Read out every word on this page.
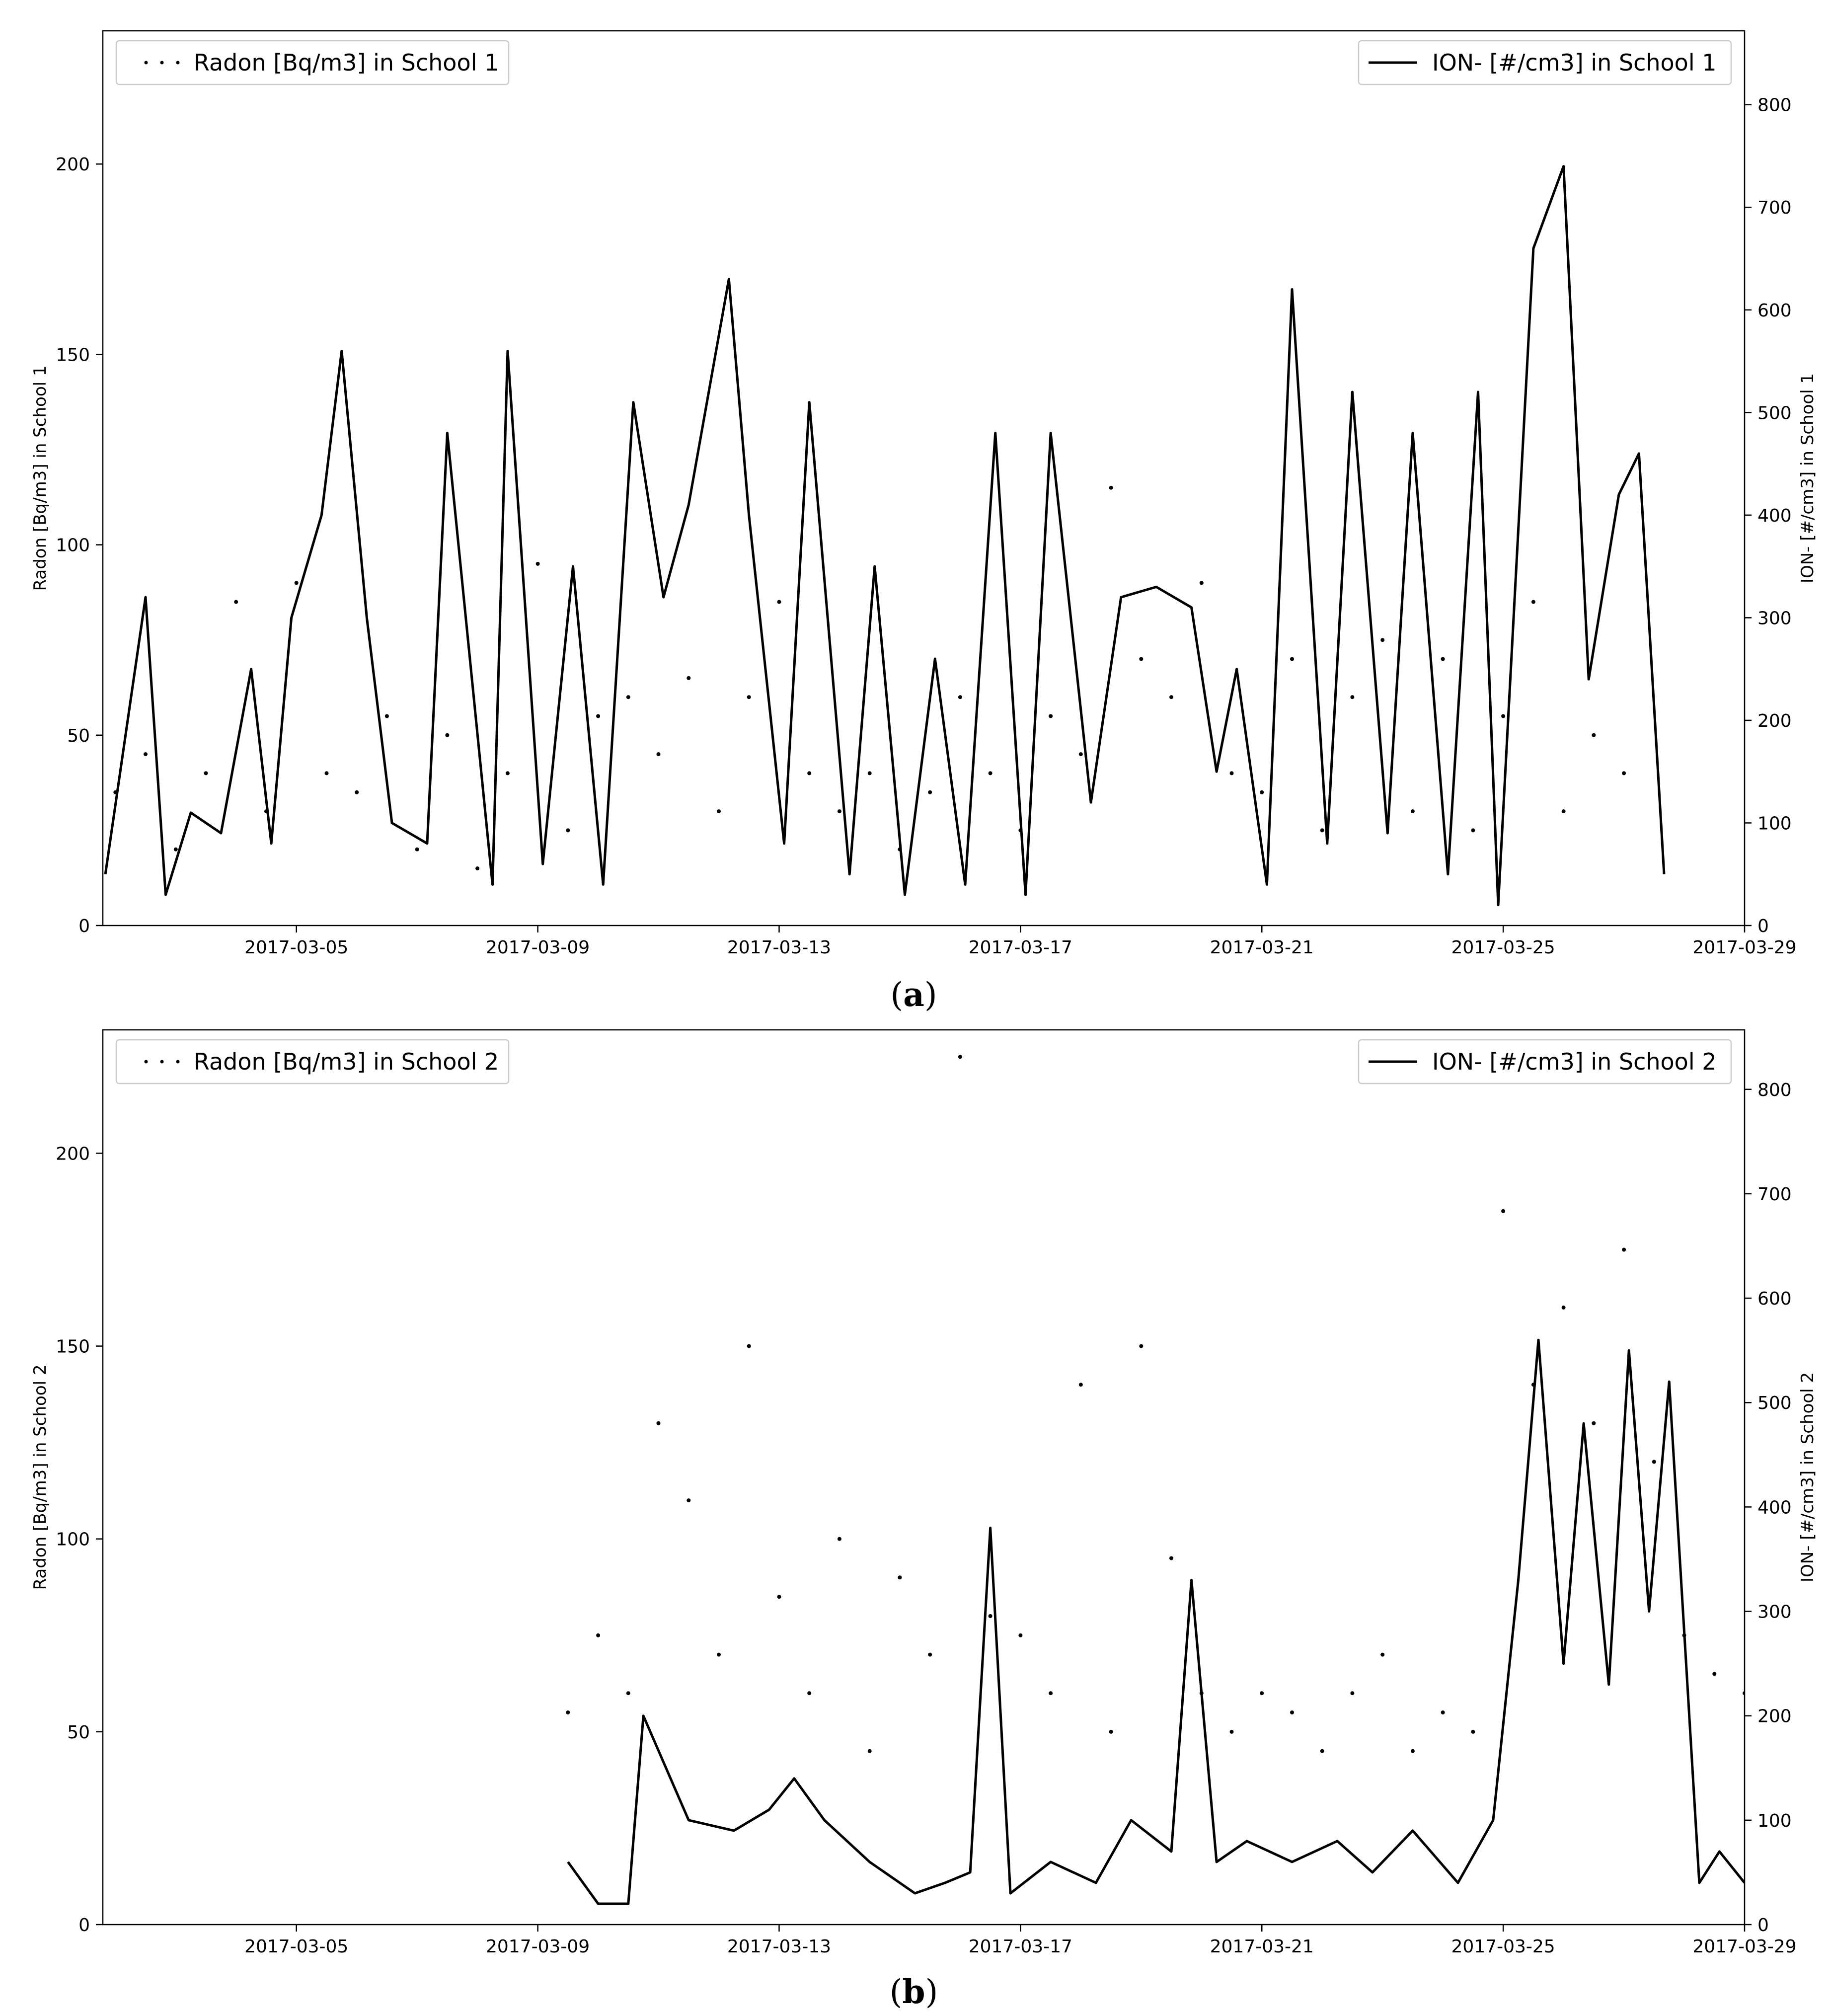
2017-03-05	2017-03-09	2017-03-13	2017-03-17	2017-03-21	2017-03-25	2017-03-29
0
50
100
150
200
0
100
200
300
400
500
600
700
800
Radon [Bq/m3] in School 1	ION- [#/cm3] in School 1
Radon [Bq/m3] in School 1	ION- [#/cm3] in School 1
(a)
2017-03-05	2017-03-09	2017-03-13	2017-03-17	2017-03-21	2017-03-25	2017-03-29
0
50
100
150
200
0
100
200
300
400
500
600
700
800
Radon [Bq/m3] in School 2	ION- [#/cm3] in School 2
Radon [Bq/m3] in School 2	ION- [#/cm3] in School 2
(b)
